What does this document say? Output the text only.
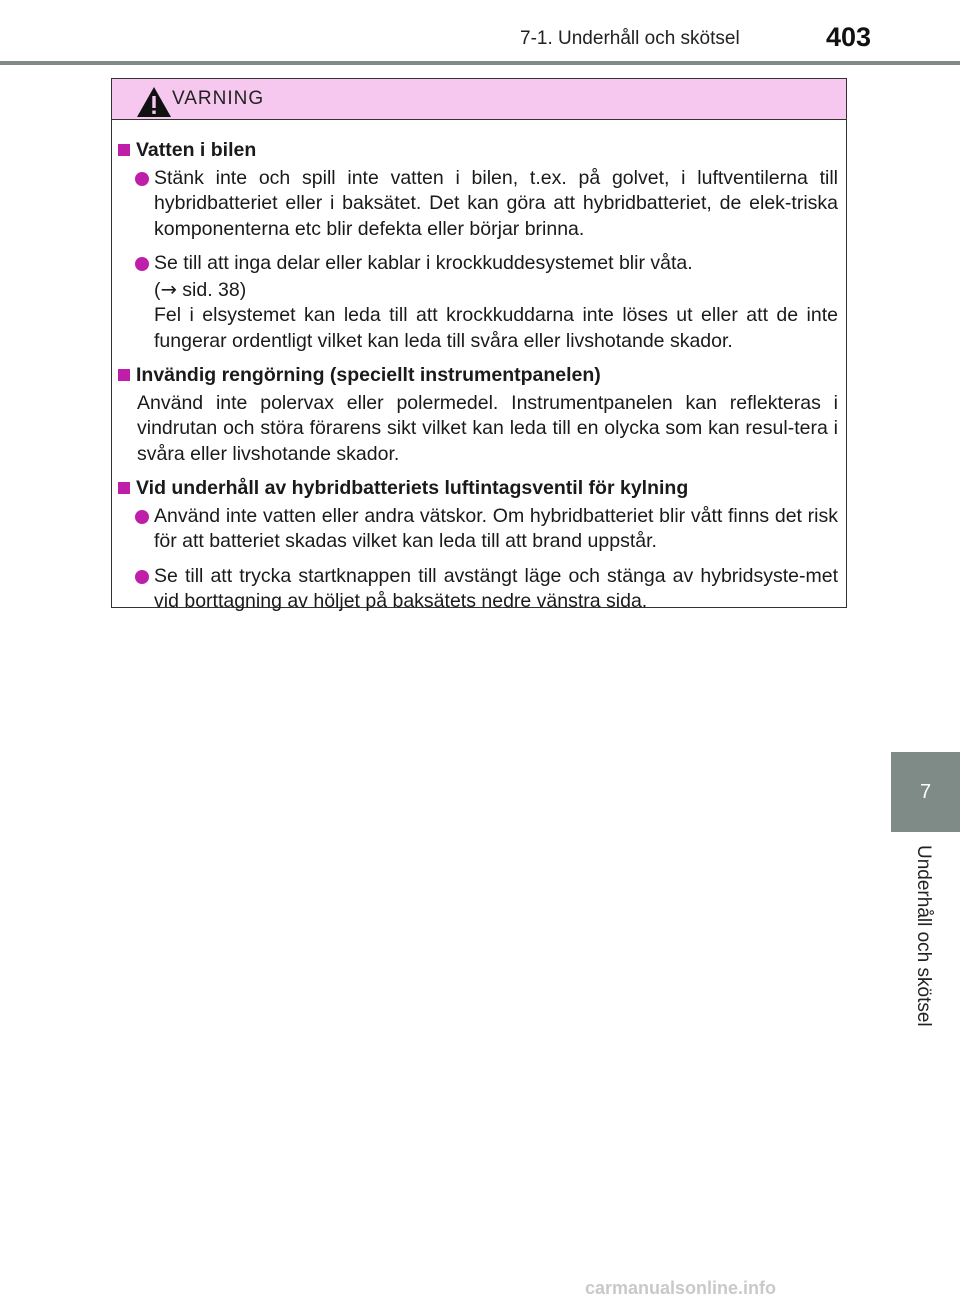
7-1. Underhåll och skötsel	403
7
Underhåll och skötsel
VARNING
Vatten i bilen
Stänk inte och spill inte vatten i bilen, t.ex. på golvet, i luftventilerna till hybridbatteriet eller i baksätet. Det kan göra att hybridbatteriet, de elek-triska komponenterna etc blir defekta eller börjar brinna.
Se till att inga delar eller kablar i krockkuddesystemet blir våta.
(→ sid. 38)
Fel i elsystemet kan leda till att krockkuddarna inte löses ut eller att de inte fungerar ordentligt vilket kan leda till svåra eller livshotande skador.
Invändig rengörning (speciellt instrumentpanelen)
Använd inte polervax eller polermedel. Instrumentpanelen kan reflekteras i vindrutan och störa förarens sikt vilket kan leda till en olycka som kan resul-tera i svåra eller livshotande skador.
Vid underhåll av hybridbatteriets luftintagsventil för kylning
Använd inte vatten eller andra vätskor. Om hybridbatteriet blir vått finns det risk för att batteriet skadas vilket kan leda till att brand uppstår.
Se till att trycka startknappen till avstängt läge och stänga av hybridsyste-met vid borttagning av höljet på baksätets nedre vänstra sida.
carmanualsonline.info
